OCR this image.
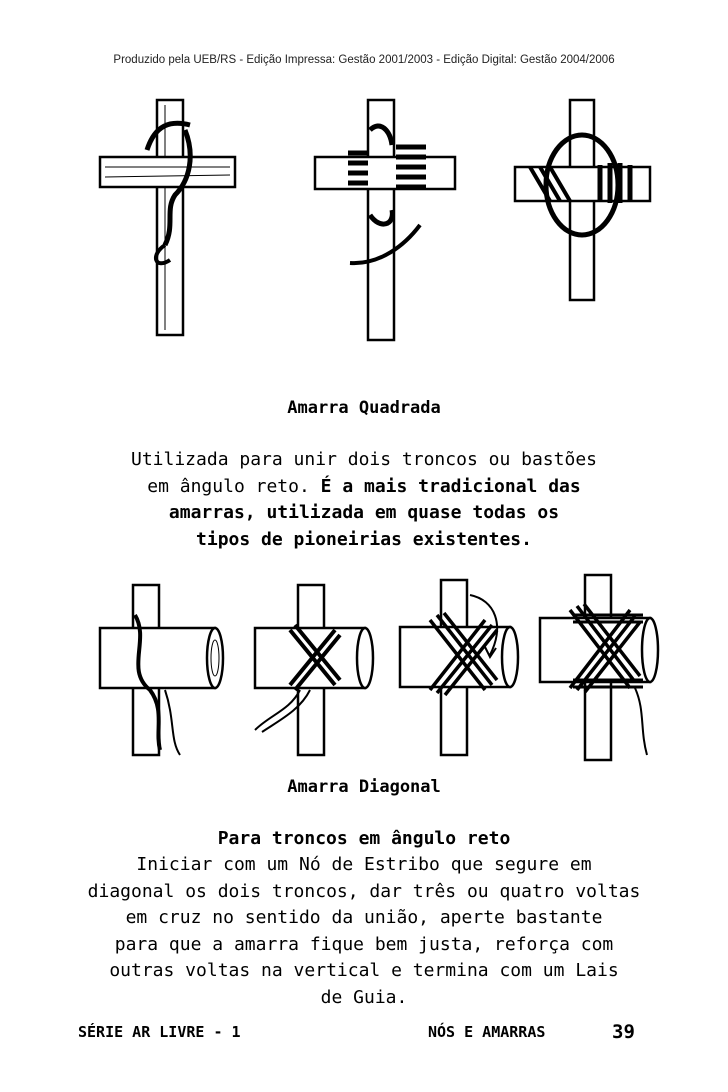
Produzido pela UEB/RS - Edição Impressa: Gestão 2001/2003 - Edição Digital: Gestão 2004/2006
Amarra Quadrada
Utilizada para unir dois troncos ou bastões
em ângulo reto. É a mais tradicional das
amarras, utilizada em quase todas os
tipos de pioneirias existentes.
Amarra Diagonal
Para troncos em ângulo reto
Iniciar com um Nó de Estribo que segure em
diagonal os dois troncos, dar três ou quatro voltas
em cruz no sentido da união, aperte bastante
para que a amarra fique bem justa, reforça com
outras voltas na vertical e termina com um Lais
de Guia.
SÉRIE AR LIVRE - 1	NÓS E AMARRAS	39
